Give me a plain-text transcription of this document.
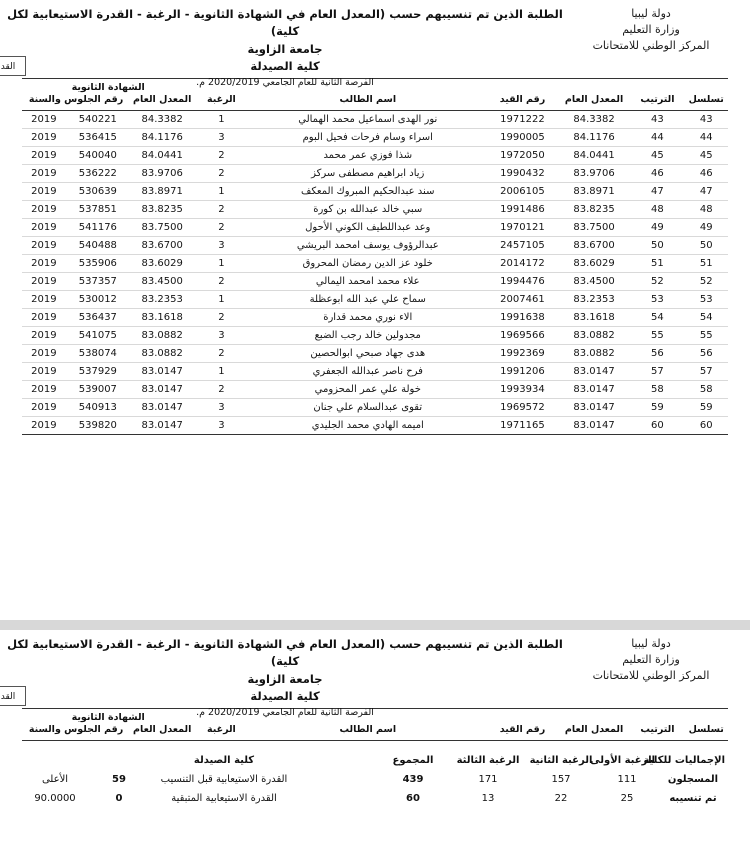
القد
الطلبة الذين تم تنسيبهم حسب (المعدل العام في الشهادة الثانوية - الرغبة - القدرة الاستيعابية لكل كلية)
جامعة الزاوية
كلية الصيدلة
الفرصة الثانية للعام الجامعي 2020/2019 م.
دولة ليبيا
وزارة التعليم
المركز الوطني للامتحانات
تسلسل	الترتيب	المعدل العام	رقم القيد	اسم الطالب	الرغبة	الشهادة الثانوية		
						المعدل العام	رقم الجلوس والسنة	
43	43	84.3382	1971222	نور الهدى اسماعيل محمد الهمالي	1	84.3382	540221	2019
44	44	84.1176	1990005	اسراء وسام فرحات فحيل البوم	3	84.1176	536415	2019
45	45	84.0441	1972050	شذا فوزي عمر محمد	2	84.0441	540040	2019
46	46	83.9706	1990432	زياد ابراهيم مصطفى سركز	2	83.9706	536222	2019
47	47	83.8971	2006105	سند عبدالحكيم المبروك المعكف	1	83.8971	530639	2019
48	48	83.8235	1991486	سبي خالد عبدالله بن كورة	2	83.8235	537851	2019
49	49	83.7500	1970121	وعد عبداللطيف الكوني الأحول	2	83.7500	541176	2019
50	50	83.6700	2457105	عبدالرؤوف يوسف امحمد البريشي	3	83.6700	540488	2019
51	51	83.6029	2014172	خلود عز الدين رمضان المحروق	1	83.6029	535906	2019
52	52	83.4500	1994476	علاء محمد امحمد اليمالي	2	83.4500	537357	2019
53	53	83.2353	2007461	سماح علي عبد الله ابوعظلة	1	83.2353	530012	2019
54	54	83.1618	1991638	الاء نوري محمد قدارة	2	83.1618	536437	2019
55	55	83.0882	1969566	مجدولين خالد رجب الضبع	3	83.0882	541075	2019
56	56	83.0882	1992369	هدى جهاد صبحي ابوالحصين	2	83.0882	538074	2019
57	57	83.0147	1991206	فرح ناصر عبدالله الجعفري	1	83.0147	537929	2019
58	58	83.0147	1993934	خولة علي عمر المحزومي	2	83.0147	539007	2019
59	59	83.0147	1969572	تقوى عبدالسلام علي جنان	3	83.0147	540913	2019
60	60	83.0147	1971165	اميمه الهادي محمد الجليدي	3	83.0147	539820	2019
القد
الطلبة الذين تم تنسيبهم حسب (المعدل العام في الشهادة الثانوية - الرغبة - القدرة الاستيعابية لكل كلية)
جامعة الزاوية
كلية الصيدلة
الفرصة الثانية للعام الجامعي 2020/2019 م.
دولة ليبيا
وزارة التعليم
المركز الوطني للامتحانات
تسلسل	الترتيب	المعدل العام	رقم القيد	اسم الطالب	الرغبة	الشهادة الثانوية	
						المعدل العام	رقم الجلوس والسنة
الإجماليات للكلية	الرغبة الأولى	الرغبة الثانية	الرغبة الثالثة	المجموع		كلية الصيدلة		
المسجلون	111	157	171	439		القدرة الاستيعابية قبل التنسيب	59	الأعلى
تم تنسيبه	25	22	13	60		القدرة الاستيعابية المتبقية	0	90.0000
